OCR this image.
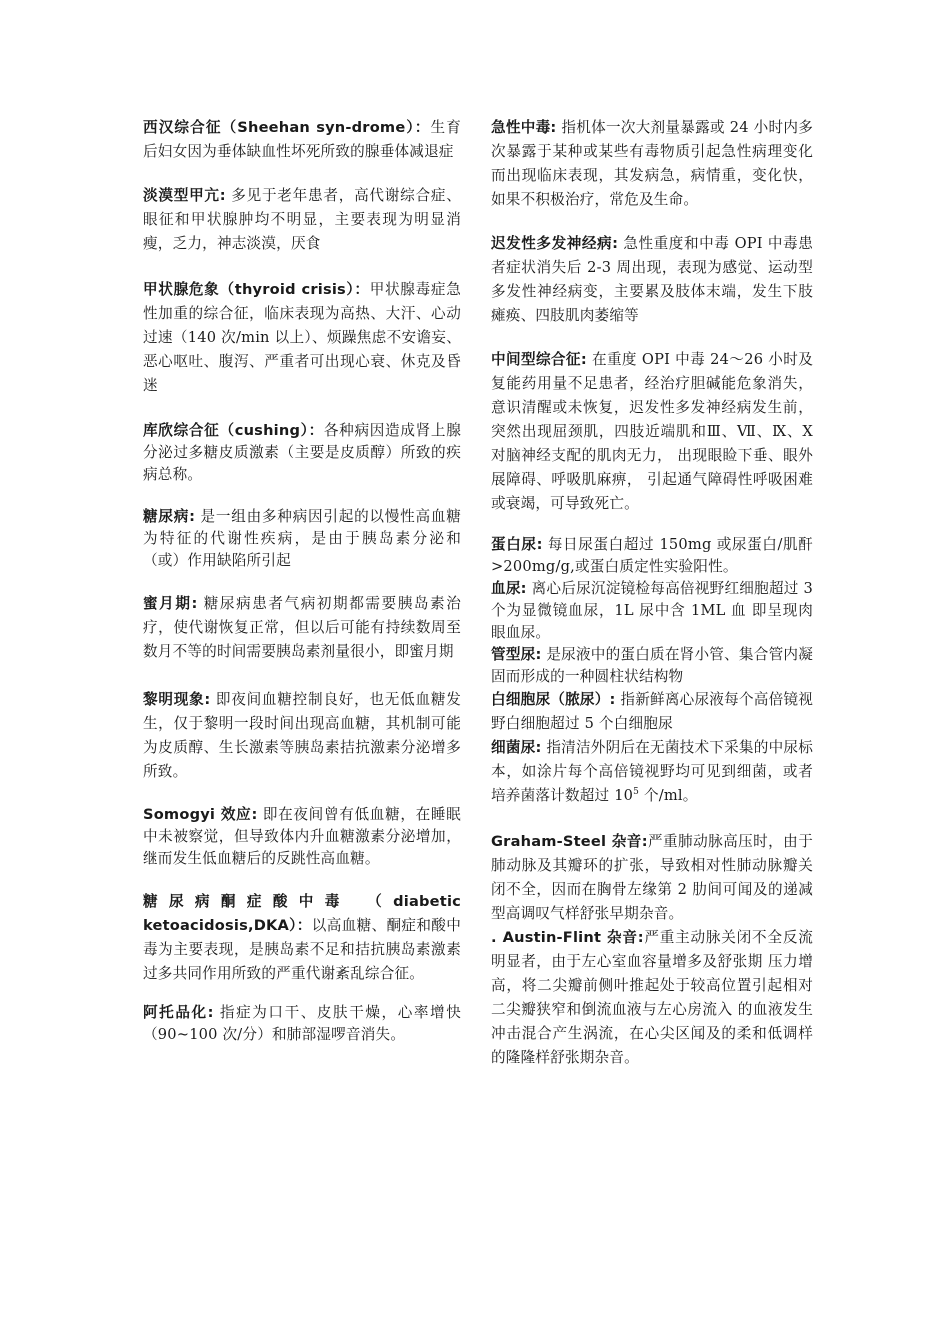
西汉综合征（Sheehan syn-drome）：生育后妇女因为垂体缺血性坏死所致的腺垂体减退症

淡漠型甲亢: 多见于老年患者，高代谢综合症、眼征和甲状腺肿均不明显，主要表现为明显消瘦，乏力，神志淡漠，厌食

甲状腺危象（thyroid crisis）：甲状腺毒症急性加重的综合征，临床表现为高热、大汗、心动过速（140 次/min 以上）、烦躁焦虑不安谵妄、恶心呕吐、腹泻、严重者可出现心衰、休克及昏迷

库欣综合征（cushing）：各种病因造成肾上腺分泌过多糖皮质激素（主要是皮质醇）所致的疾病总称。

糖尿病: 是一组由多种病因引起的以慢性高血糖为特征的代谢性疾病，是由于胰岛素分泌和（或）作用缺陷所引起

蜜月期: 糖尿病患者气病初期都需要胰岛素治疗，使代谢恢复正常，但以后可能有持续数周至数月不等的时间需要胰岛素剂量很小，即蜜月期

黎明现象: 即夜间血糖控制良好，也无低血糖发生，仅于黎明一段时间出现高血糖，其机制可能为皮质醇、生长激素等胰岛素拮抗激素分泌增多所致。

Somogyi 效应: 即在夜间曾有低血糖，在睡眠中未被察觉，但导致体内升血糖激素分泌增加，继而发生低血糖后的反跳性高血糖。

糖尿病酮症酸中毒 （diabetic ketoacidosis,DKA）：以高血糖、酮症和酸中毒为主要表现，是胰岛素不足和拮抗胰岛素激素过多共同作用所致的严重代谢紊乱综合征。

阿托品化: 指症为口干、皮肤干燥，心率增快（90~100 次/分）和肺部湿啰音消失。

急性中毒: 指机体一次大剂量暴露或 24 小时内多次暴露于某种或某些有毒物质引起急性病理变化而出现临床表现，其发病急，病情重，变化快，如果不积极治疗，常危及生命。

迟发性多发神经病: 急性重度和中毒 OPI 中毒患者症状消失后 2-3 周出现，表现为感觉、运动型多发性神经病变，主要累及肢体末端，发生下肢瘫痪、四肢肌肉萎缩等

中间型综合征: 在重度 OPI 中毒 24～26 小时及复能药用量不足患者，经治疗胆碱能危象消失，意识清醒或未恢复，迟发性多发神经病发生前，突然出现屈颈肌，四肢近端肌和Ⅲ、Ⅶ、Ⅸ、Ⅹ对脑神经支配的肌肉无力， 出现眼睑下垂、眼外展障碍、呼吸肌麻痹， 引起通气障碍性呼吸困难或衰竭，可导致死亡。

蛋白尿: 每日尿蛋白超过 150mg 或尿蛋白/肌酐>200mg/g,或蛋白质定性实验阳性。

血尿: 离心后尿沉淀镜检每高倍视野红细胞超过 3 个为显微镜血尿，1L 尿中含 1ML 血 即呈现肉眼血尿。

管型尿: 是尿液中的蛋白质在肾小管、集合管内凝固而形成的一种圆柱状结构物

白细胞尿（脓尿）: 指新鲜离心尿液每个高倍镜视野白细胞超过 5 个白细胞尿

细菌尿: 指清洁外阴后在无菌技术下采集的中尿标本，如涂片每个高倍镜视野均可见到细菌，或者培养菌落计数超过 $10^5$ 个/ml。

Graham-Steel 杂音:严重肺动脉高压时，由于肺动脉及其瓣环的扩张，导致相对性肺动脉瓣关闭不全，因而在胸骨左缘第 2 肋间可闻及的递减型高调叹气样舒张早期杂音。

. Austin-Flint 杂音:严重主动脉关闭不全反流明显者，由于左心室血容量增多及舒张期 压力增高，将二尖瓣前侧叶推起处于较高位置引起相对二尖瓣狭窄和倒流血液与左心房流入 的血液发生冲击混合产生涡流，在心尖区闻及的柔和低调样的隆隆样舒张期杂音。
